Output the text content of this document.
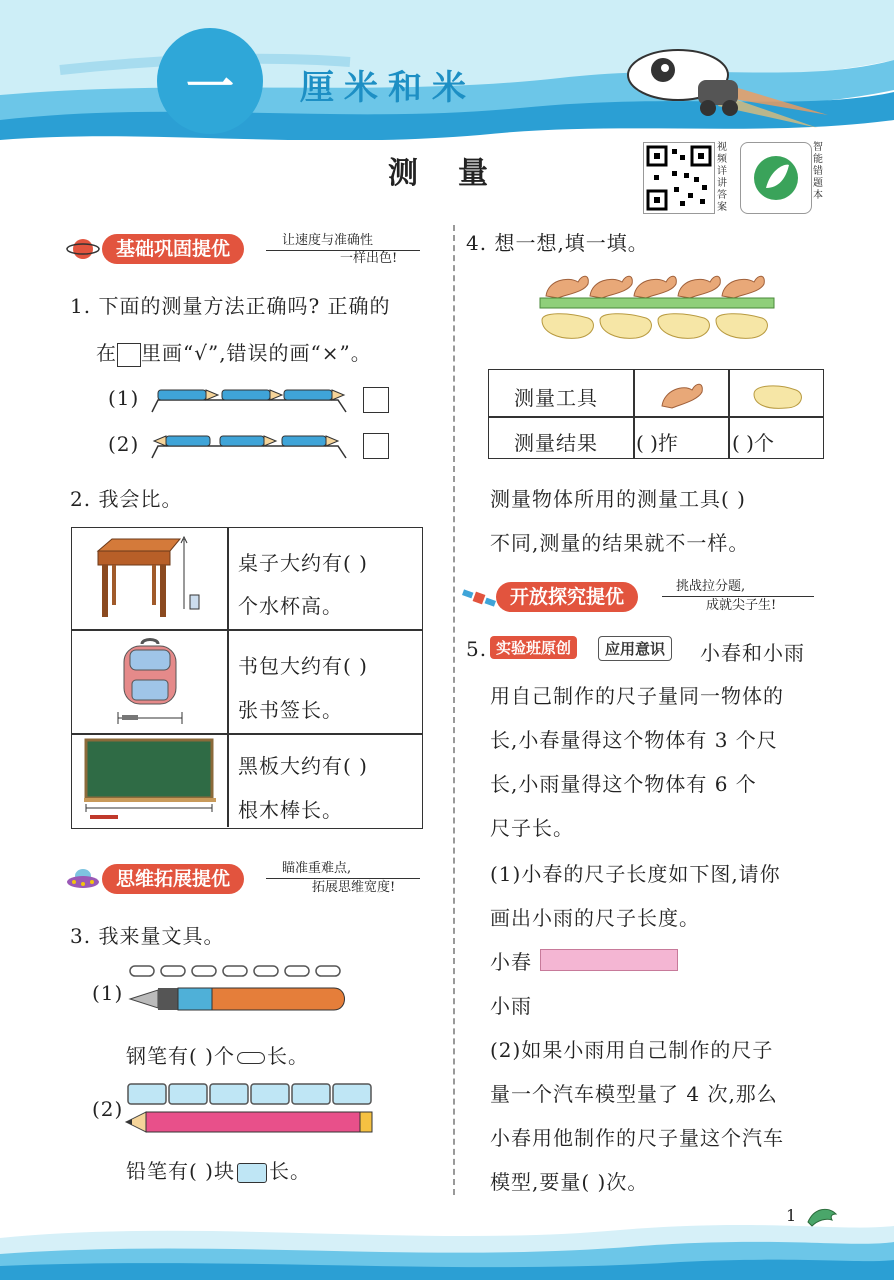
一	厘米和米
测量
视频详讲答案
智能错题本
基础巩固提优	让速度与准确性
一样出色!
1. 下面的测量方法正确吗? 正确的
在 里画“√”,错误的画“×”。
(1)
(2)
2. 我会比。
桌子大约有( )
个水杯高。
书包大约有( )
张书签长。
黑板大约有( )
根木棒长。
思维拓展提优	瞄准重难点,
拓展思维宽度!
3. 我来量文具。
(1)
钢笔有( )个 长。
(2)
铅笔有( )块 长。
4. 想一想,填一填。
测量工具
测量结果 ( )拃	( )个
测量物体所用的测量工具( )
不同,测量的结果就不一样。
开放探究提优	挑战拉分题,
成就尖子生!
5. 实验班原创	应用意识	小春和小雨
用自己制作的尺子量同一物体的
长,小春量得这个物体有 3 个尺
长,小雨量得这个物体有 6 个
尺子长。
(1)小春的尺子长度如下图,请你
画出小雨的尺子长度。
小春
小雨
(2)如果小雨用自己制作的尺子
量一个汽车模型量了 4 次,那么
小春用他制作的尺子量这个汽车
模型,要量( )次。
1
